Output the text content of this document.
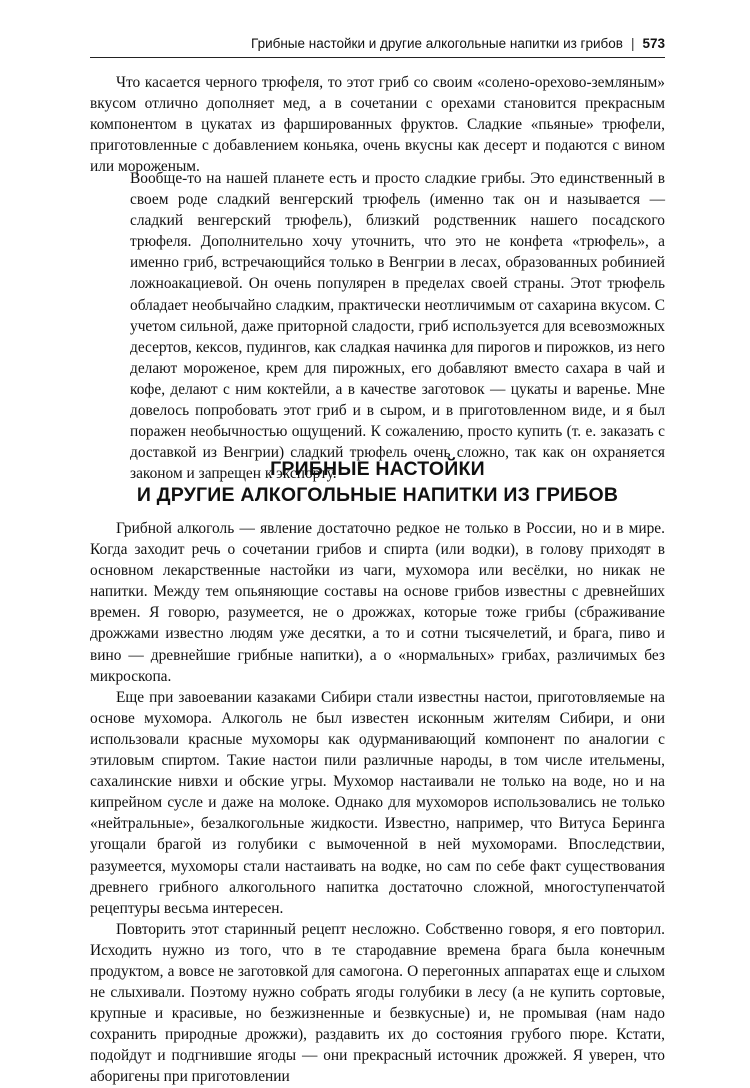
Грибные настойки и другие алкогольные напитки из грибов | 573

Что касается черного трюфеля, то этот гриб со своим «солено-орехово-земляным» вкусом отлично дополняет мед, а в сочетании с орехами становится прекрасным компонентом в цукатах из фаршированных фруктов. Сладкие «пьяные» трюфели, приготовленные с добавлением коньяка, очень вкусны как десерт и подаются с вином или мороженым.

Вообще-то на нашей планете есть и просто сладкие грибы. Это единственный в своем роде сладкий венгерский трюфель (именно так он и называется — сладкий венгерский трюфель), близкий родственник нашего посадского трюфеля. Дополнительно хочу уточнить, что это не конфета «трюфель», а именно гриб, встречающийся только в Венгрии в лесах, образованных робинией ложноакациевой. Он очень популярен в пределах своей страны. Этот трюфель обладает необычайно сладким, практически неотличимым от сахарина вкусом. С учетом сильной, даже приторной сладости, гриб используется для всевозможных десертов, кексов, пудингов, как сладкая начинка для пирогов и пирожков, из него делают мороженое, крем для пирожных, его добавляют вместо сахара в чай и кофе, делают с ним коктейли, а в качестве заготовок — цукаты и варенье. Мне довелось попробовать этот гриб и в сыром, и в приготовленном виде, и я был поражен необычностью ощущений. К сожалению, просто купить (т. е. заказать с доставкой из Венгрии) сладкий трюфель очень сложно, так как он охраняется законом и запрещен к экспорту.

ГРИБНЫЕ НАСТОЙКИ
И ДРУГИЕ АЛКОГОЛЬНЫЕ НАПИТКИ ИЗ ГРИБОВ

Грибной алкоголь — явление достаточно редкое не только в России, но и в мире. Когда заходит речь о сочетании грибов и спирта (или водки), в голову приходят в основном лекарственные настойки из чаги, мухомора или весёлки, но никак не напитки. Между тем опьяняющие составы на основе грибов известны с древнейших времен. Я говорю, разумеется, не о дрожжах, которые тоже грибы (сбраживание дрожжами известно людям уже десятки, а то и сотни тысячелетий, и брага, пиво и вино — древнейшие грибные напитки), а о «нормальных» грибах, различимых без микроскопа.

Еще при завоевании казаками Сибири стали известны настои, приготовляемые на основе мухомора. Алкоголь не был известен исконным жителям Сибири, и они использовали красные мухоморы как одурманивающий компонент по аналогии с этиловым спиртом. Такие настои пили различные народы, в том числе ительмены, сахалинские нивхи и обские угры. Мухомор настаивали не только на воде, но и на кипрейном сусле и даже на молоке. Однако для мухоморов использовались не только «нейтральные», безалкогольные жидкости. Известно, например, что Витуса Беринга угощали брагой из голубики с вымоченной в ней мухоморами. Впоследствии, разумеется, мухоморы стали настаивать на водке, но сам по себе факт существования древнего грибного алкогольного напитка достаточно сложной, многоступенчатой рецептуры весьма интересен.

Повторить этот старинный рецепт несложно. Собственно говоря, я его повторил. Исходить нужно из того, что в те стародавние времена брага была конечным продуктом, а вовсе не заготовкой для самогона. О перегонных аппаратах еще и слыхом не слыхивали. Поэтому нужно собрать ягоды голубики в лесу (а не купить сортовые, крупные и красивые, но безжизненные и безвкусные) и, не промывая (нам надо сохранить природные дрожжи), раздавить их до состояния грубого пюре. Кстати, подойдут и подгнившие ягоды — они прекрасный источник дрожжей. Я уверен, что аборигены при приготовлении
